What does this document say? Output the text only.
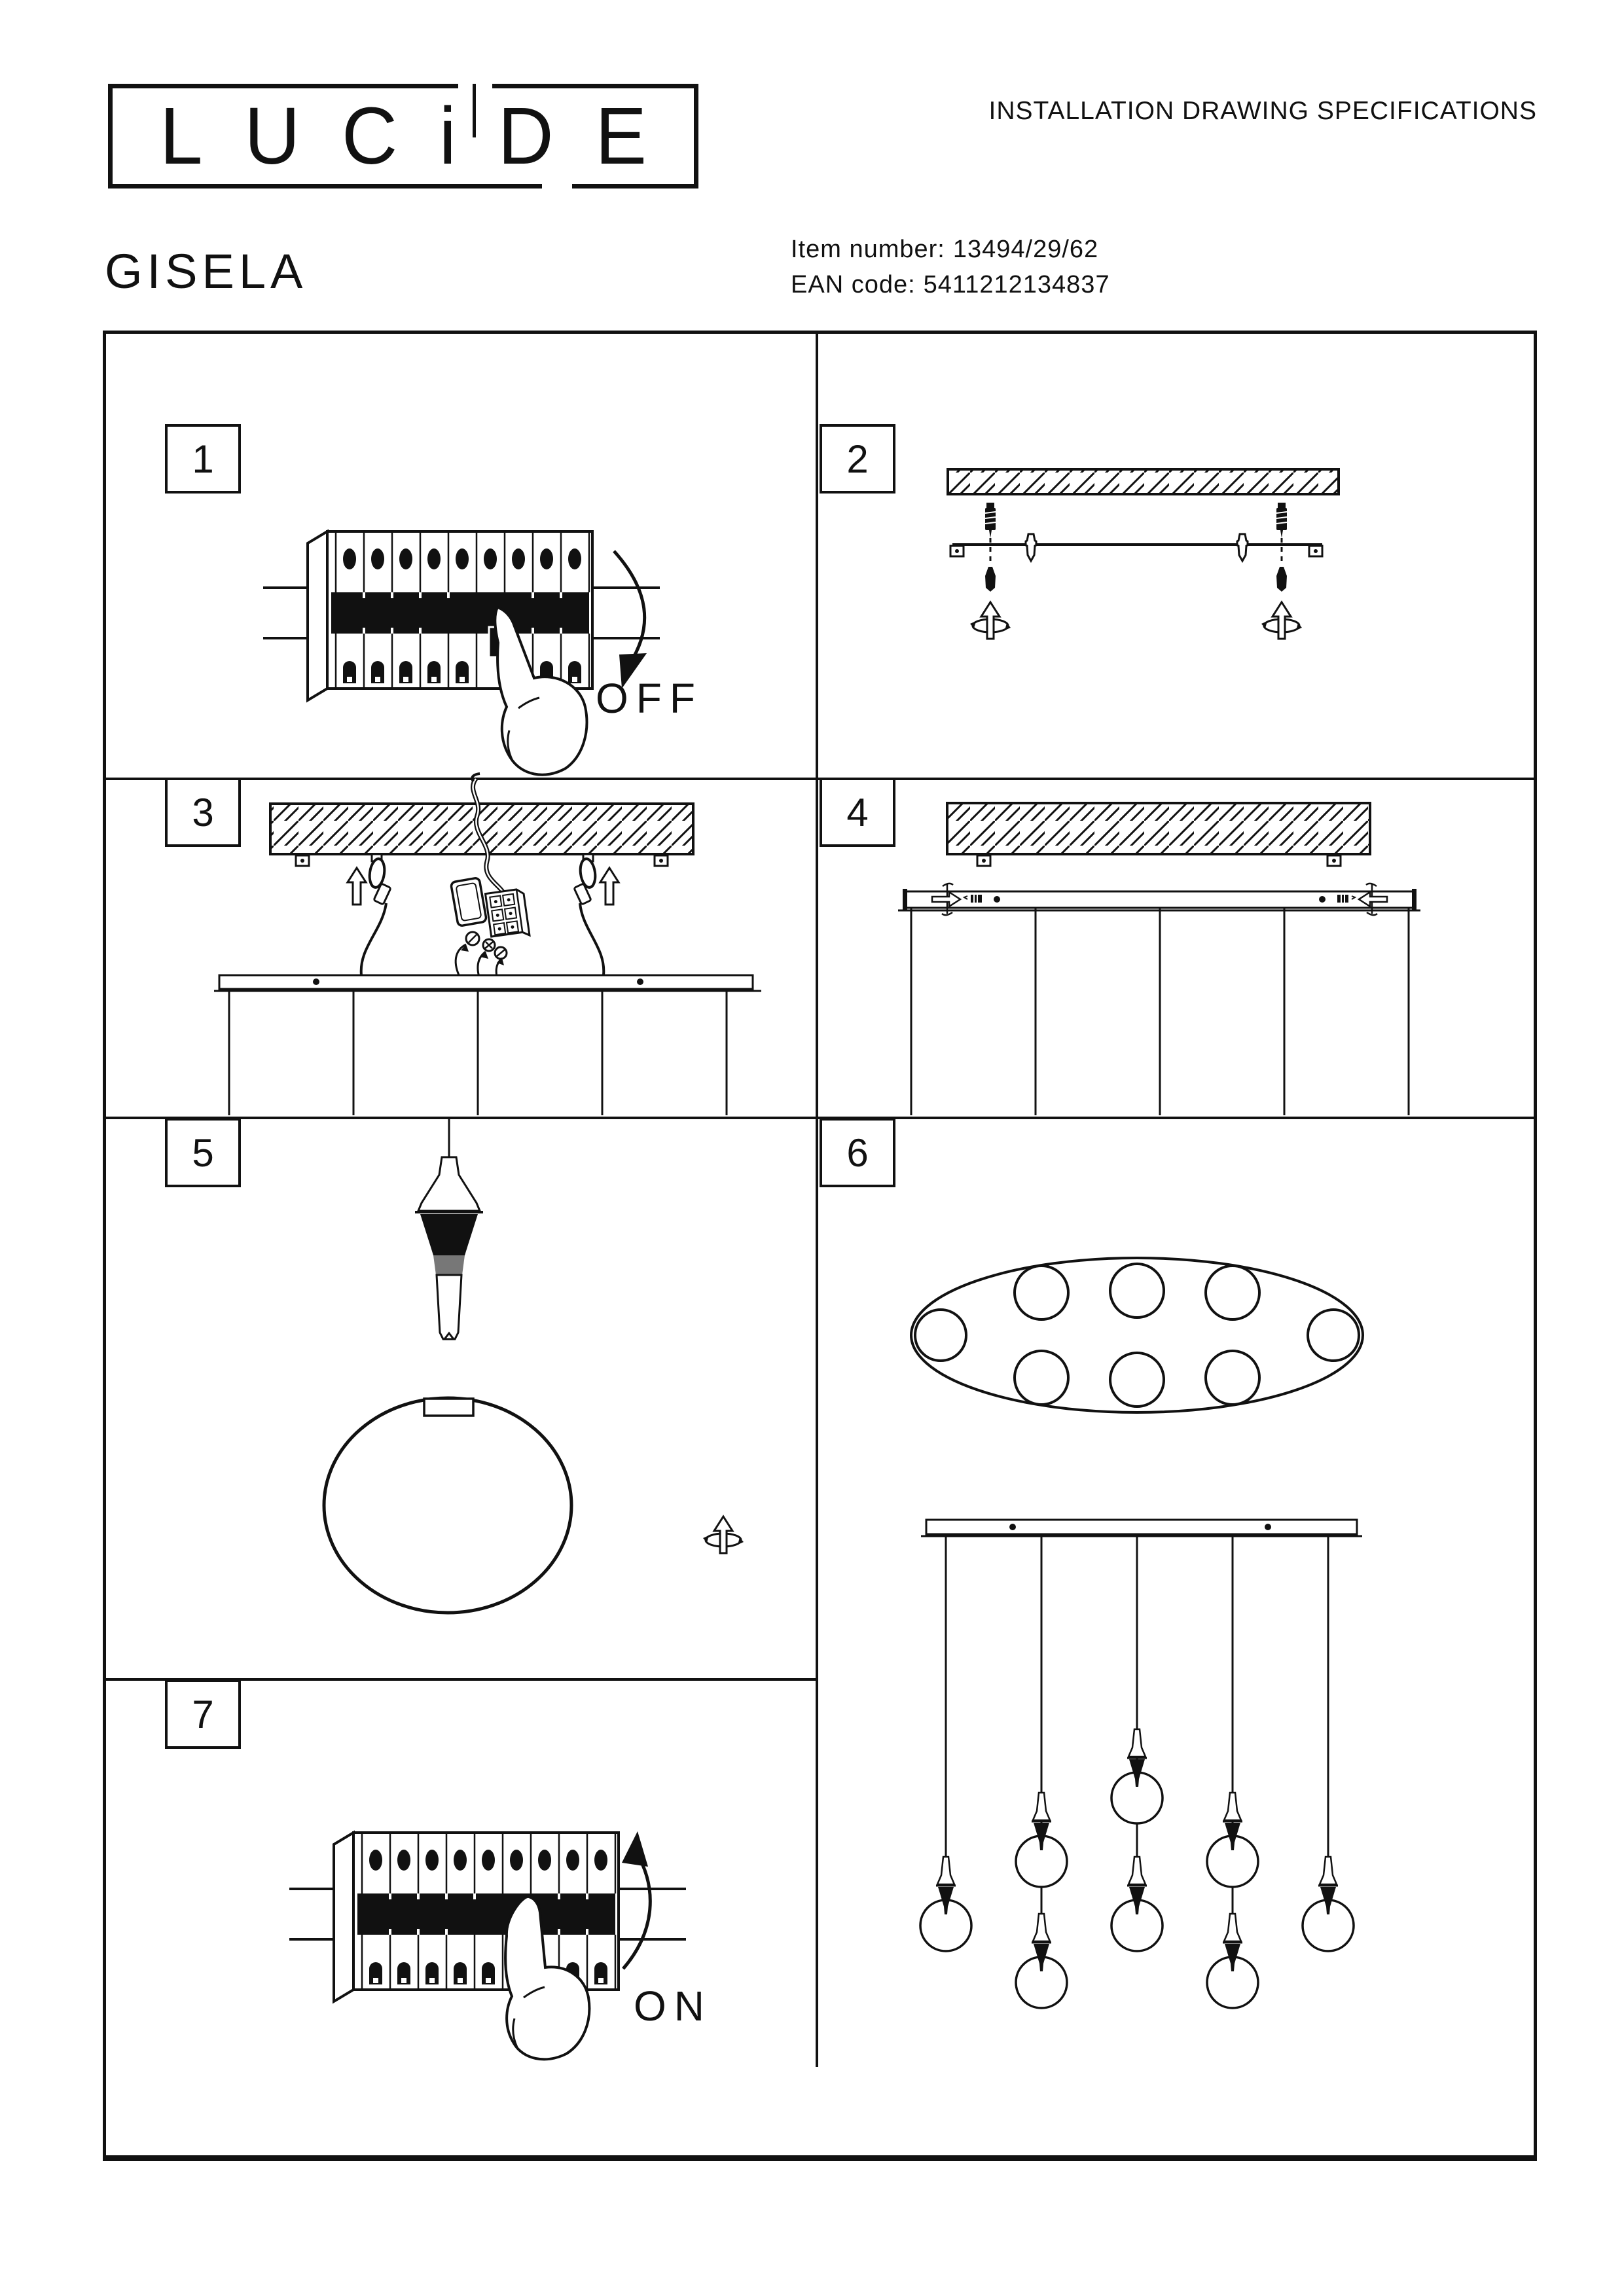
L U C i D E	INSTALLATION DRAWING SPECIFICATIONS
GISELA	Item number: 13494/29/62
EAN code: 5411212134837
1	2
3	4
5	6
7
OFF
ON
